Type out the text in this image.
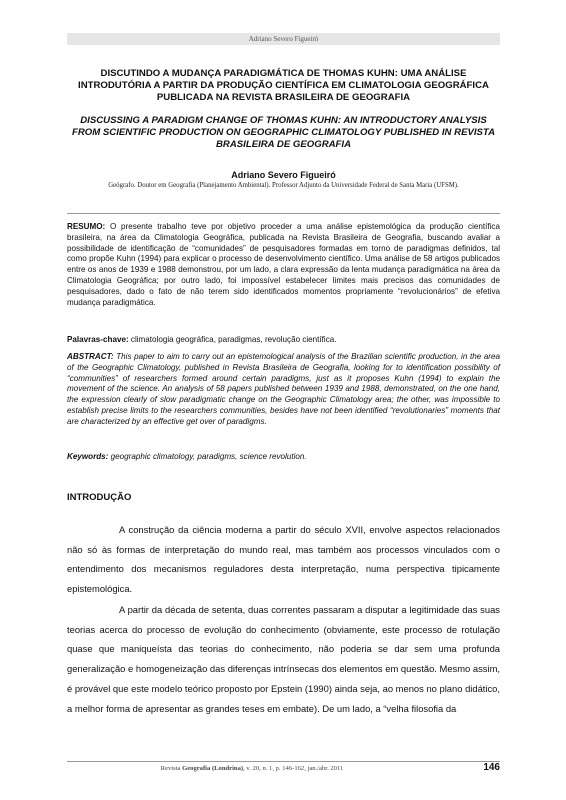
Adriano Severo Figueiró
DISCUTINDO A MUDANÇA PARADIGMÁTICA DE THOMAS KUHN: UMA ANÁLISE INTRODUTÓRIA A PARTIR DA PRODUÇÃO CIENTÍFICA EM CLIMATOLOGIA GEOGRÁFICA PUBLICADA NA REVISTA BRASILEIRA DE GEOGRAFIA
DISCUSSING A PARADIGM CHANGE OF THOMAS KUHN: AN INTRODUCTORY ANALYSIS FROM SCIENTIFIC PRODUCTION ON GEOGRAPHIC CLIMATOLOGY PUBLISHED IN REVISTA BRASILEIRA DE GEOGRAFIA
Adriano Severo Figueiró
Geógrafo. Doutor em Geografia (Planejamento Ambiental). Professor Adjunto da Universidade Federal de Santa Maria (UFSM).

RESUMO: O presente trabalho teve por objetivo proceder a uma análise epistemológica da produção científica brasileira, na área da Climatologia Geográfica, publicada na Revista Brasileira de Geografia, buscando avaliar a possibilidade de identificação de “comunidades” de pesquisadores formadas em torno de paradigmas definidos, tal como propõe Kuhn (1994) para explicar o processo de desenvolvimento científico. Uma análise de 58 artigos publicados entre os anos de 1939 e 1988 demonstrou, por um lado, a clara expressão da lenta mudança paradigmática na área da Climatologia Geográfica; por outro lado, foi impossível estabelecer limites mais precisos das comunidades de pesquisadores, dado o fato de não terem sido identificados momentos propriamente “revolucionários” de efetiva mudança paradigmática.

Palavras-chave: climatologia geográfica, paradigmas, revolução científica.

ABSTRACT: This paper to aim to carry out an epistemological analysis of the Brazilian scientific production, in the area of the Geographic Climatology, published in Revista Brasileira de Geografia, looking for to identification possibility of “communities” of researchers formed around certain paradigms, just as it proposes Kuhn (1994) to explain the movement of the science. An analysis of 58 papers published between 1939 and 1988, demonstrated, on the one hand, the expression clearly of slow paradigmatic change on the Geographic Climatology area; the other, was impossible to establish precise limits to the researchers communities, besides have not been identified “revolutionaries” moments that are characterized by an effective get over of paradigms.

Keywords: geographic climatology, paradigms, science revolution.

INTRODUÇÃO

A construção da ciência moderna a partir do século XVII, envolve aspectos relacionados não só às formas de interpretação do mundo real, mas também aos processos vinculados com o entendimento dos mecanismos reguladores desta interpretação, numa perspectiva tipicamente epistemológica.

A partir da década de setenta, duas correntes passaram a disputar a legitimidade das suas teorias acerca do processo de evolução do conhecimento (obviamente, este processo de rotulação quase que maniqueísta das teorias do conhecimento, não poderia se dar sem uma profunda generalização e homogeneização das diferenças intrínsecas dos elementos em questão. Mesmo assim, é provável que este modelo teórico proposto por Epstein (1990) ainda seja, ao menos no plano didático, a melhor forma de apresentar as grandes teses em embate). De um lado, a “velha filosofia da

Revista Geografia (Londrina), v. 20, n. 1, p. 146-162, jan./abr. 2011	146
